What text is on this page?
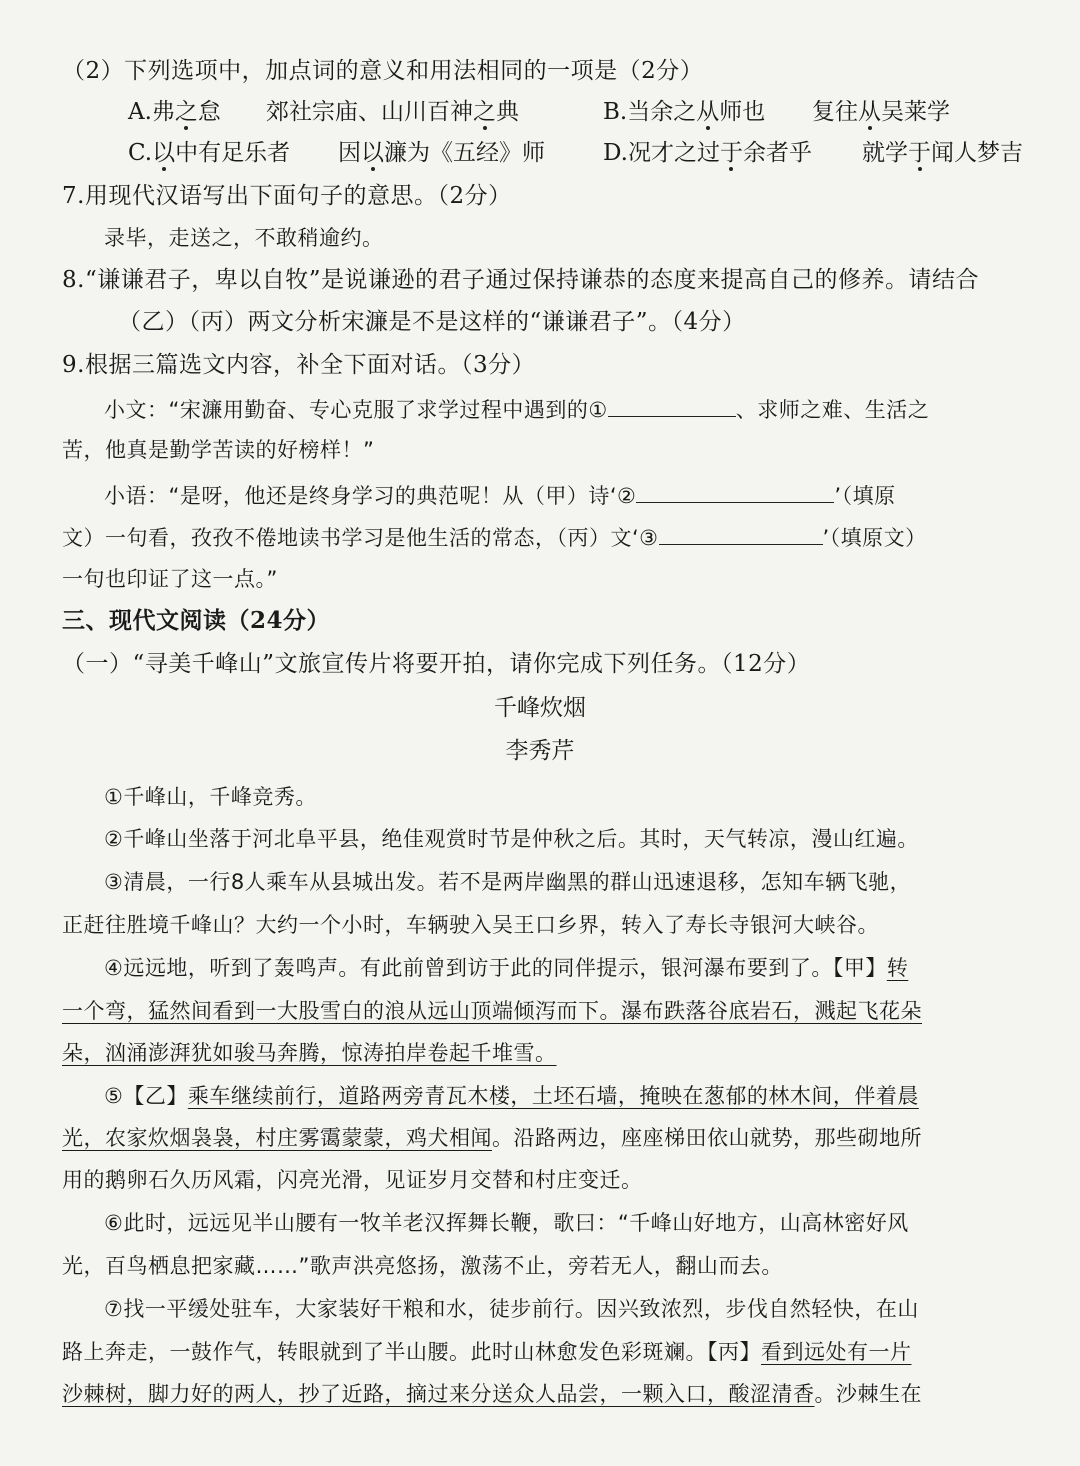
（2）下列选项中，加点词的意义和用法相同的一项是（2分）
A.弗之怠 郊社宗庙、山川百神之典	B.当余之从师也 复往从吴莱学
C.以中有足乐者 因以濂为《五经》师	D.况才之过于余者乎 就学于闻人梦吉
7.用现代汉语写出下面句子的意思。（2分）
录毕，走送之，不敢稍逾约。
8.“谦谦君子，卑以自牧”是说谦逊的君子通过保持谦恭的态度来提高自己的修养。请结合
（乙）（丙）两文分析宋濂是不是这样的“谦谦君子”。（4分）
9.根据三篇选文内容，补全下面对话。（3分）
小文：“宋濂用勤奋、专心克服了求学过程中遇到的①	、求师之难、生活之
苦，他真是勤学苦读的好榜样！”
小语：“是呀，他还是终身学习的典范呢！从（甲）诗‘②	’（填原
文）一句看，孜孜不倦地读书学习是他生活的常态，（丙）文‘③	’（填原文）
一句也印证了这一点。”
三、现代文阅读（24分）
（一）“寻美千峰山”文旅宣传片将要开拍，请你完成下列任务。（12分）
千峰炊烟
李秀芹
①千峰山，千峰竞秀。
②千峰山坐落于河北阜平县，绝佳观赏时节是仲秋之后。其时，天气转凉，漫山红遍。
③清晨，一行8人乘车从县城出发。若不是两岸幽黑的群山迅速退移，怎知车辆飞驰，
正赶往胜境千峰山？大约一个小时，车辆驶入吴王口乡界，转入了寿长寺银河大峡谷。
④远远地，听到了轰鸣声。有此前曾到访于此的同伴提示，银河瀑布要到了。【甲】转
一个弯，猛然间看到一大股雪白的浪从远山顶端倾泻而下。瀑布跌落谷底岩石，溅起飞花朵
朵，汹涌澎湃犹如骏马奔腾，惊涛拍岸卷起千堆雪。
⑤【乙】乘车继续前行，道路两旁青瓦木楼，土坯石墙，掩映在葱郁的林木间，伴着晨
光，农家炊烟袅袅，村庄雾霭蒙蒙，鸡犬相闻。沿路两边，座座梯田依山就势，那些砌地所
用的鹅卵石久历风霜，闪亮光滑，见证岁月交替和村庄变迁。
⑥此时，远远见半山腰有一牧羊老汉挥舞长鞭，歌曰：“千峰山好地方，山高林密好风
光，百鸟栖息把家藏……”歌声洪亮悠扬，激荡不止，旁若无人，翻山而去。
⑦找一平缓处驻车，大家装好干粮和水，徒步前行。因兴致浓烈，步伐自然轻快，在山
路上奔走，一鼓作气，转眼就到了半山腰。此时山林愈发色彩斑斓。【丙】看到远处有一片
沙棘树，脚力好的两人，抄了近路，摘过来分送众人品尝，一颗入口，酸涩清香。沙棘生在
